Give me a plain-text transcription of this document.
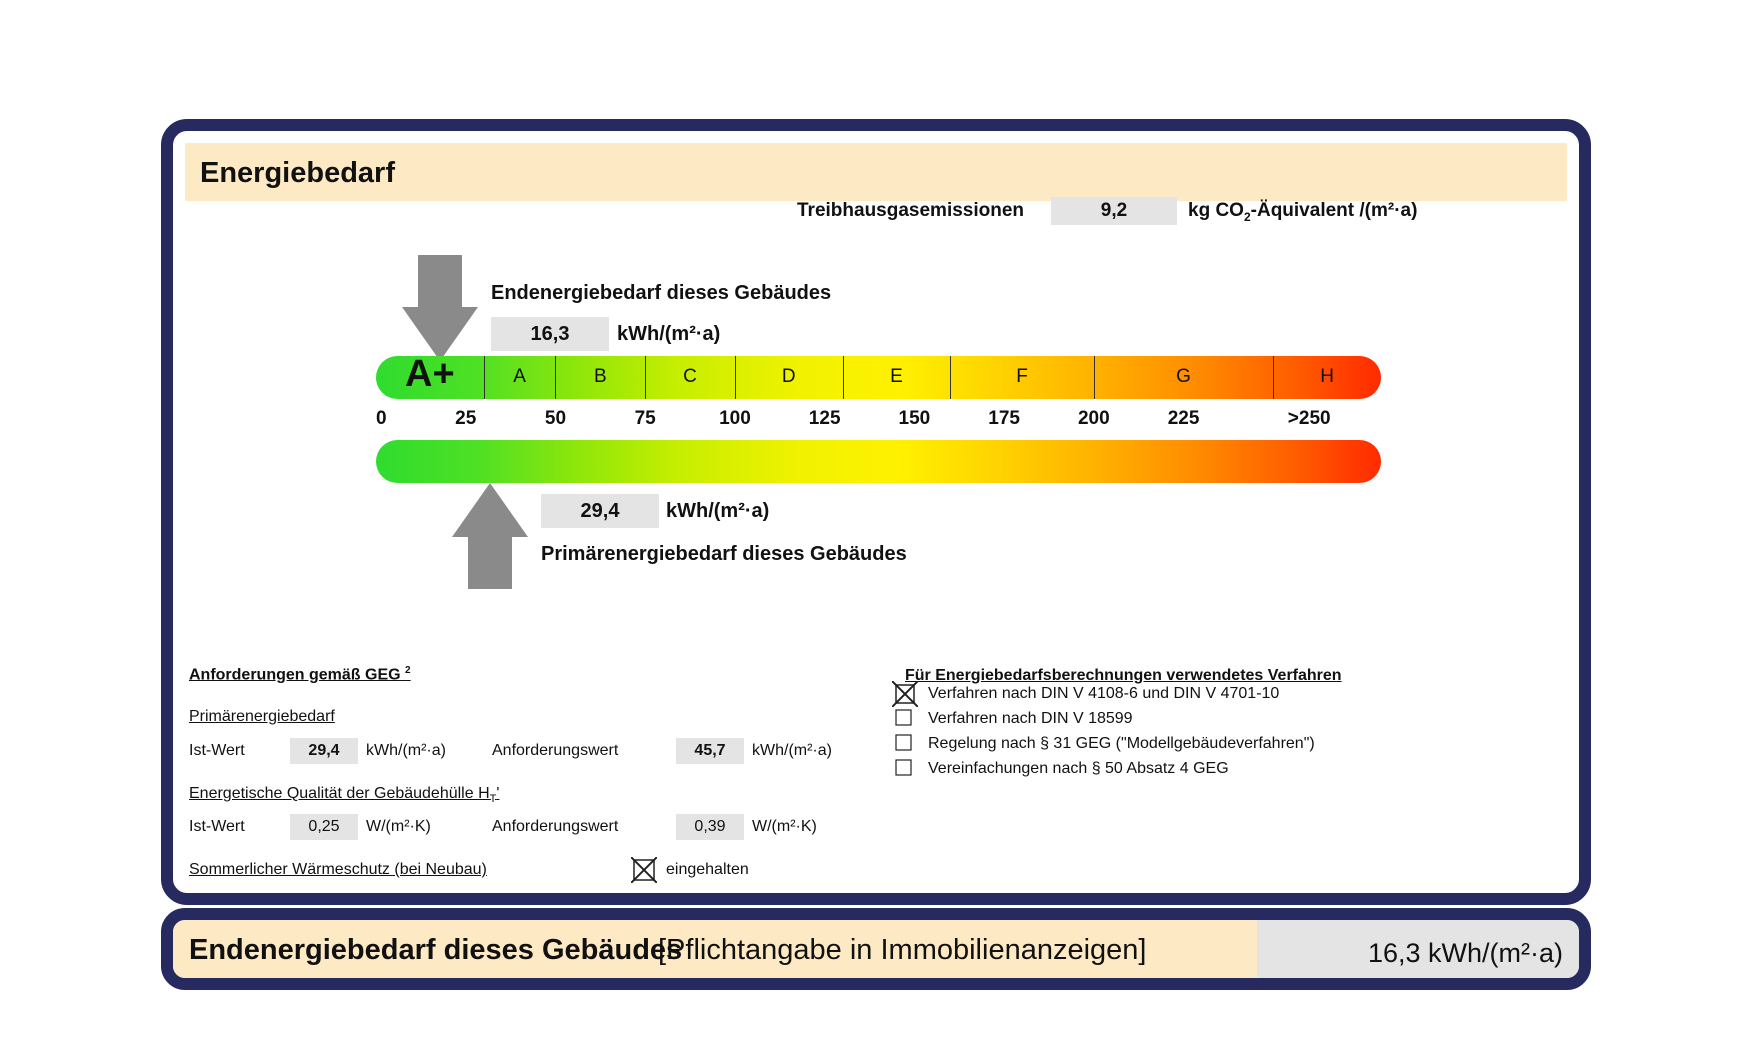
Energiebedarf
Treibhausgasemissionen	9,2	kg $CO_2$-Äquivalent /(m²·a)
Endenergiebedarf dieses Gebäudes
16,3	kWh/(m²·a)
A+	A	B	C	D	E	F	G	H
0	25	50	75	100	125	150	175	200	225	>250
29,4	kWh/(m²·a)
Primärenergiebedarf dieses Gebäudes
Anforderungen gemäß GEG $^2$
Primärenergiebedarf
Ist-Wert	29,4	kWh/(m²·a)	Anforderungswert	45,7	kWh/(m²·a)
Energetische Qualität der Gebäudehülle $H_T'$
Ist-Wert	0,25	W/(m²·K)	Anforderungswert	0,39	W/(m²·K)
Sommerlicher Wärmeschutz (bei Neubau)	eingehalten
Für Energiebedarfsberechnungen verwendetes Verfahren
Verfahren nach DIN V 4108-6 und DIN V 4701-10
Verfahren nach DIN V 18599
Regelung nach § 31 GEG ("Modellgebäudeverfahren")
Vereinfachungen nach § 50 Absatz 4 GEG
Endenergiebedarf dieses Gebäudes
[Pflichtangabe in Immobilienanzeigen]	16,3 kWh/(m²·a)
